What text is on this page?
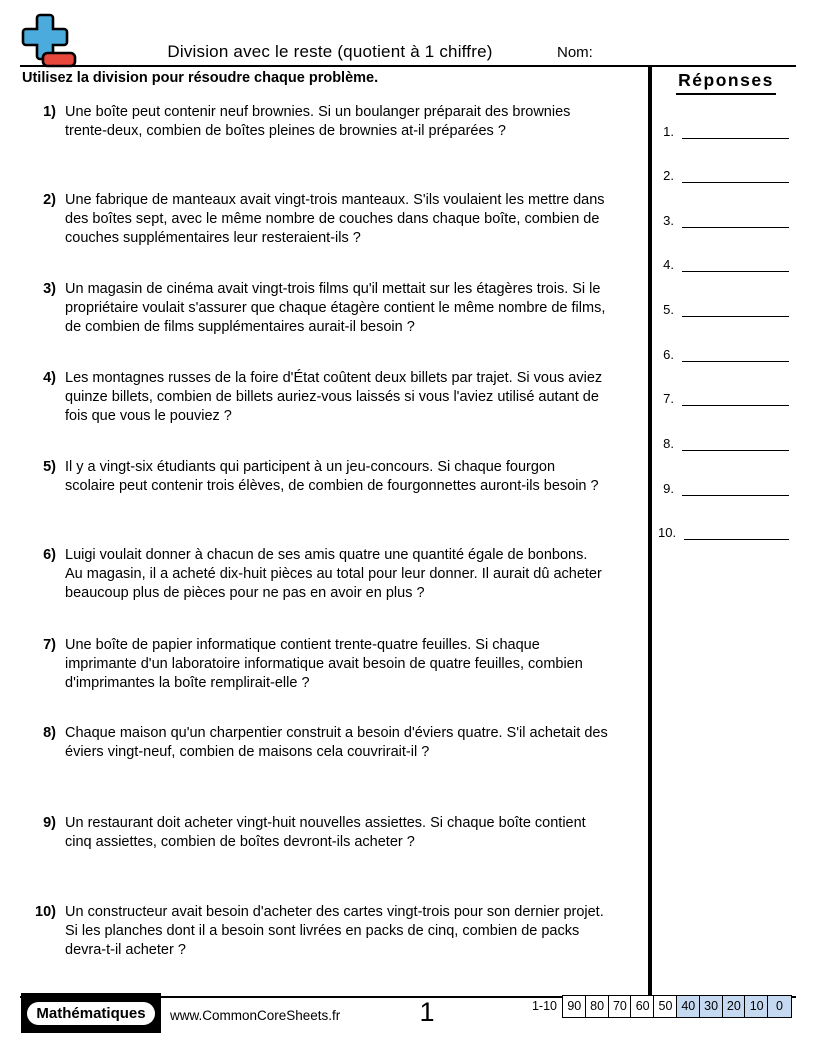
Division avec le reste (quotient à 1 chiffre)	Nom:
Utilisez la division pour résoudre chaque problème.
1) Une boîte peut contenir neuf brownies. Si un boulanger préparait des brownies trente-deux, combien de boîtes pleines de brownies at-il préparées ?
2) Une fabrique de manteaux avait vingt-trois manteaux. S'ils voulaient les mettre dans des boîtes sept, avec le même nombre de couches dans chaque boîte, combien de couches supplémentaires leur resteraient-ils ?
3) Un magasin de cinéma avait vingt-trois films qu'il mettait sur les étagères trois. Si le propriétaire voulait s'assurer que chaque étagère contient le même nombre de films, de combien de films supplémentaires aurait-il besoin ?
4) Les montagnes russes de la foire d'État coûtent deux billets par trajet. Si vous aviez quinze billets, combien de billets auriez-vous laissés si vous l'aviez utilisé autant de fois que vous le pouviez ?
5) Il y a vingt-six étudiants qui participent à un jeu-concours. Si chaque fourgon scolaire peut contenir trois élèves, de combien de fourgonnettes auront-ils besoin ?
6) Luigi voulait donner à chacun de ses amis quatre une quantité égale de bonbons. Au magasin, il a acheté dix-huit pièces au total pour leur donner. Il aurait dû acheter beaucoup plus de pièces pour ne pas en avoir en plus ?
7) Une boîte de papier informatique contient trente-quatre feuilles. Si chaque imprimante d'un laboratoire informatique avait besoin de quatre feuilles, combien d'imprimantes la boîte remplirait-elle ?
8) Chaque maison qu'un charpentier construit a besoin d'éviers quatre. S'il achetait des éviers vingt-neuf, combien de maisons cela couvrirait-il ?
9) Un restaurant doit acheter vingt-huit nouvelles assiettes. Si chaque boîte contient cinq assiettes, combien de boîtes devront-ils acheter ?
10) Un constructeur avait besoin d'acheter des cartes vingt-trois pour son dernier projet. Si les planches dont il a besoin sont livrées en packs de cinq, combien de packs devra-t-il acheter ?
Réponses
1.
2.
3.
4.
5.
6.
7.
8.
9.
10.
Mathématiques	www.CommonCoreSheets.fr	1	1-10 90 80 70 60 50 40 30 20 10 0
